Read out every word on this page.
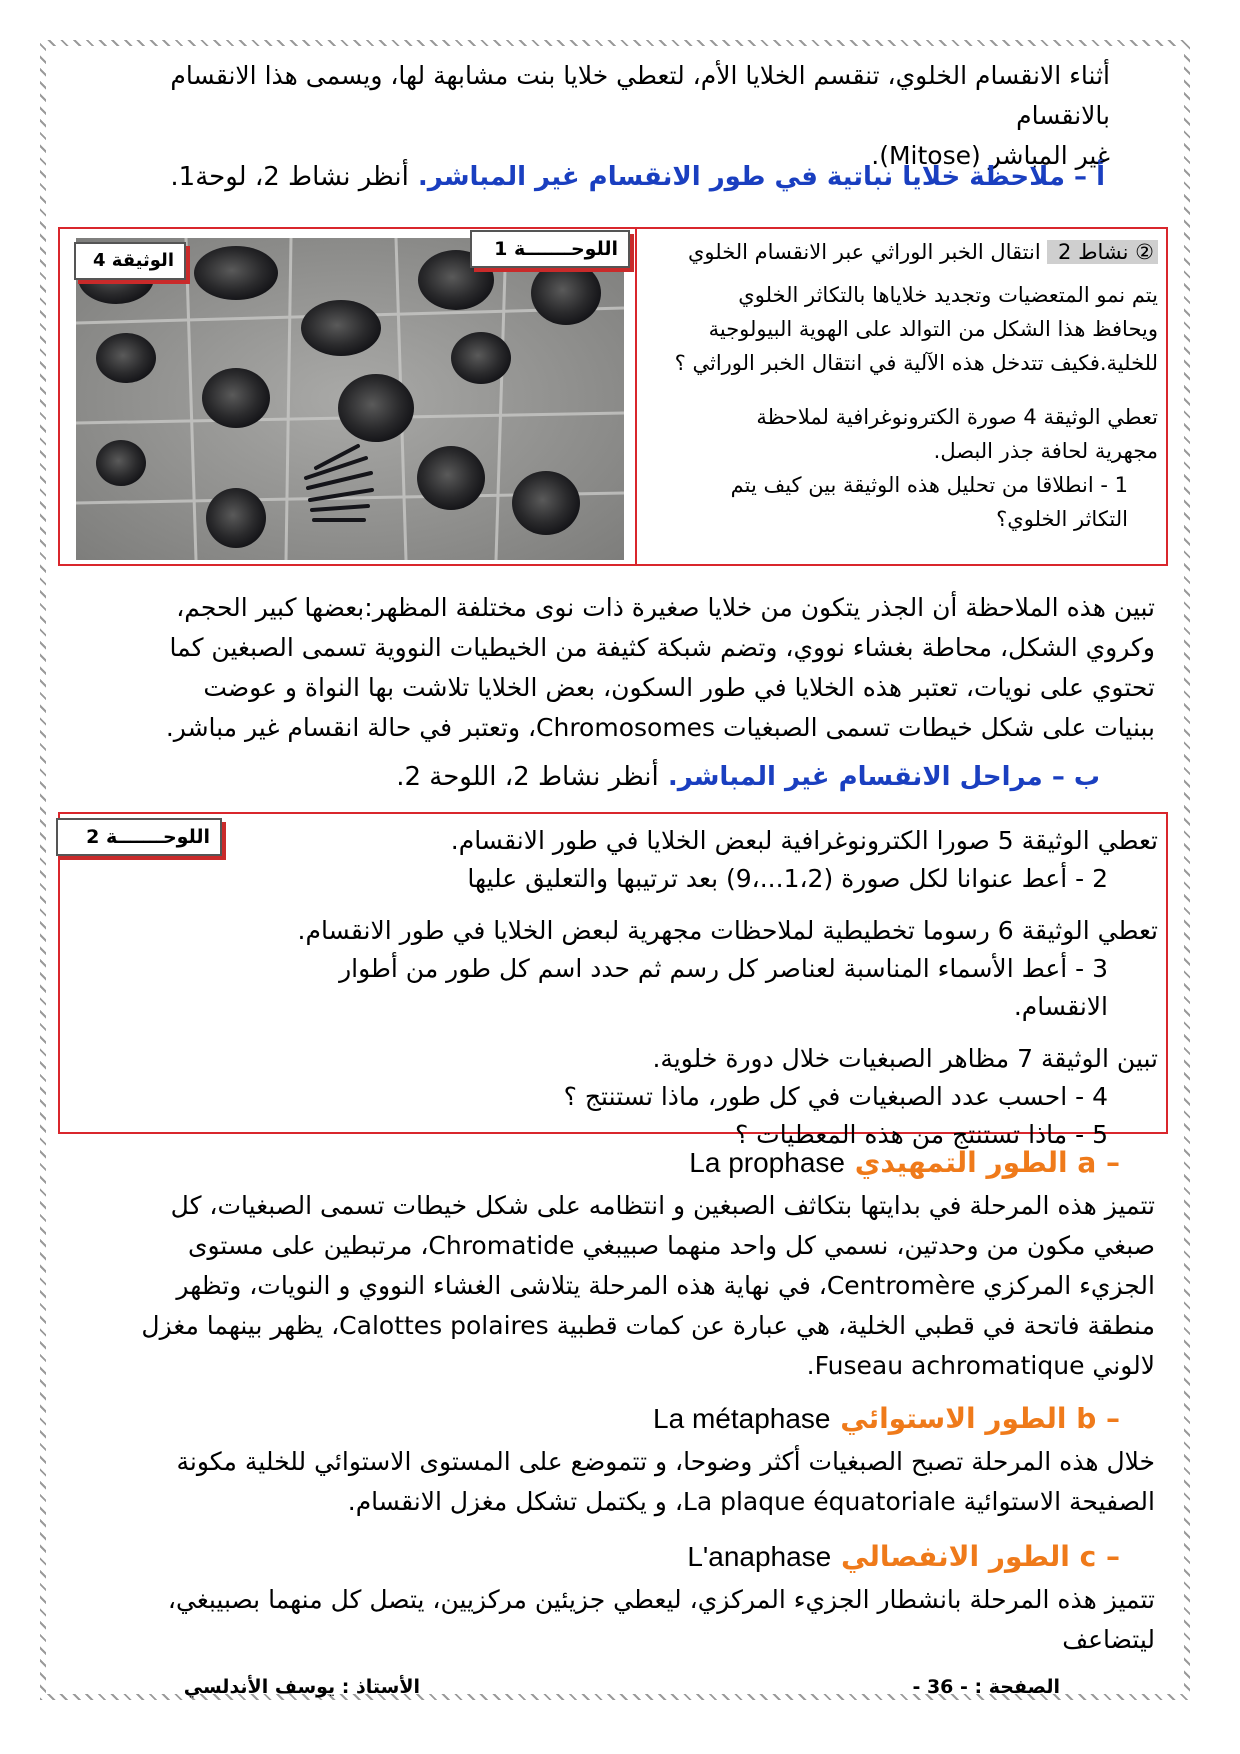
أثناء الانقسام الخلوي، تنقسم الخلايا الأم، لتعطي خلايا بنت مشابهة لها، ويسمى هذا الانقسام بالانقسام
غير المباشر (Mitose).
أ – ملاحظة خلايا نباتية في طور الانقسام غير المباشر. أنظر نشاط 2، لوحة1.
اللوحـــــــة 1
الوثيقة 4	② نشاط 2  انتقال الخبر الوراثي عبر الانقسام الخلوي
يتم نمو المتعضيات وتجديد خلاياها بالتكاثر الخلوي
ويحافظ هذا الشكل من التوالد على الهوية البيولوجية
للخلية.فكيف تتدخل هذه الآلية في انتقال الخبر الوراثي ؟
تعطي الوثيقة 4 صورة الكترونوغرافية لملاحظة
مجهرية لحافة جذر البصل.
1 - انطلاقا من تحليل هذه الوثيقة بين كيف يتم
التكاثر الخلوي؟
تبين هذه الملاحظة أن الجذر يتكون من خلايا صغيرة ذات نوى مختلفة المظهر:بعضها كبير الحجم،
وكروي الشكل، محاطة بغشاء نووي، وتضم شبكة كثيفة من الخيطيات النووية تسمى الصبغين كما
تحتوي على نويات، تعتبر هذه الخلايا في طور السكون، بعض الخلايا تلاشت بها النواة و عوضت
ببنيات على شكل خيطات تسمى الصبغيات Chromosomes، وتعتبر في حالة انقسام غير مباشر.
ب – مراحل الانقسام غير المباشر. أنظر نشاط 2، اللوحة 2.
اللوحـــــــة 2	تعطي الوثيقة 5 صورا الكترونوغرافية لبعض الخلايا في طور الانقسام.
2 - أعط عنوانا لكل صورة (1،2...،9) بعد ترتيبها والتعليق عليها
تعطي الوثيقة 6 رسوما تخطيطية لملاحظات مجهرية لبعض الخلايا في طور الانقسام.
3 - أعط الأسماء المناسبة لعناصر كل رسم ثم حدد اسم كل طور من أطوار الانقسام.
تبين الوثيقة 7 مظاهر الصبغيات خلال دورة خلوية.
4 - احسب عدد الصبغيات في كل طور، ماذا تستنتج ؟
5 - ماذا تستنتج من هذه المعطيات ؟
a – الطور التمهيدي La prophase
تتميز هذه المرحلة في بدايتها بتكاثف الصبغين و انتظامه على شكل خيطات تسمى الصبغيات، كل
صبغي مكون من وحدتين، نسمي كل واحد منهما صبيبغي Chromatide، مرتبطين على مستوى
الجزيء المركزي Centromère، في نهاية هذه المرحلة يتلاشى الغشاء النووي و النويات، وتظهر
منطقة فاتحة في قطبي الخلية، هي عبارة عن كمات قطبية Calottes polaires، يظهر بينهما مغزل
لالوني Fuseau achromatique.
b – الطور الاستوائي La métaphase
خلال هذه المرحلة تصبح الصبغيات أكثر وضوحا، و تتموضع على المستوى الاستوائي للخلية مكونة
الصفيحة الاستوائية La plaque équatoriale، و يكتمل تشكل مغزل الانقسام.
c – الطور الانفصالي L'anaphase
تتميز هذه المرحلة بانشطار الجزيء المركزي، ليعطي جزيئين مركزيين، يتصل كل منهما بصبيبغي،
ليتضاعف
الصفحة : - 36 -
الأستاذ : يوسف الأندلسي
